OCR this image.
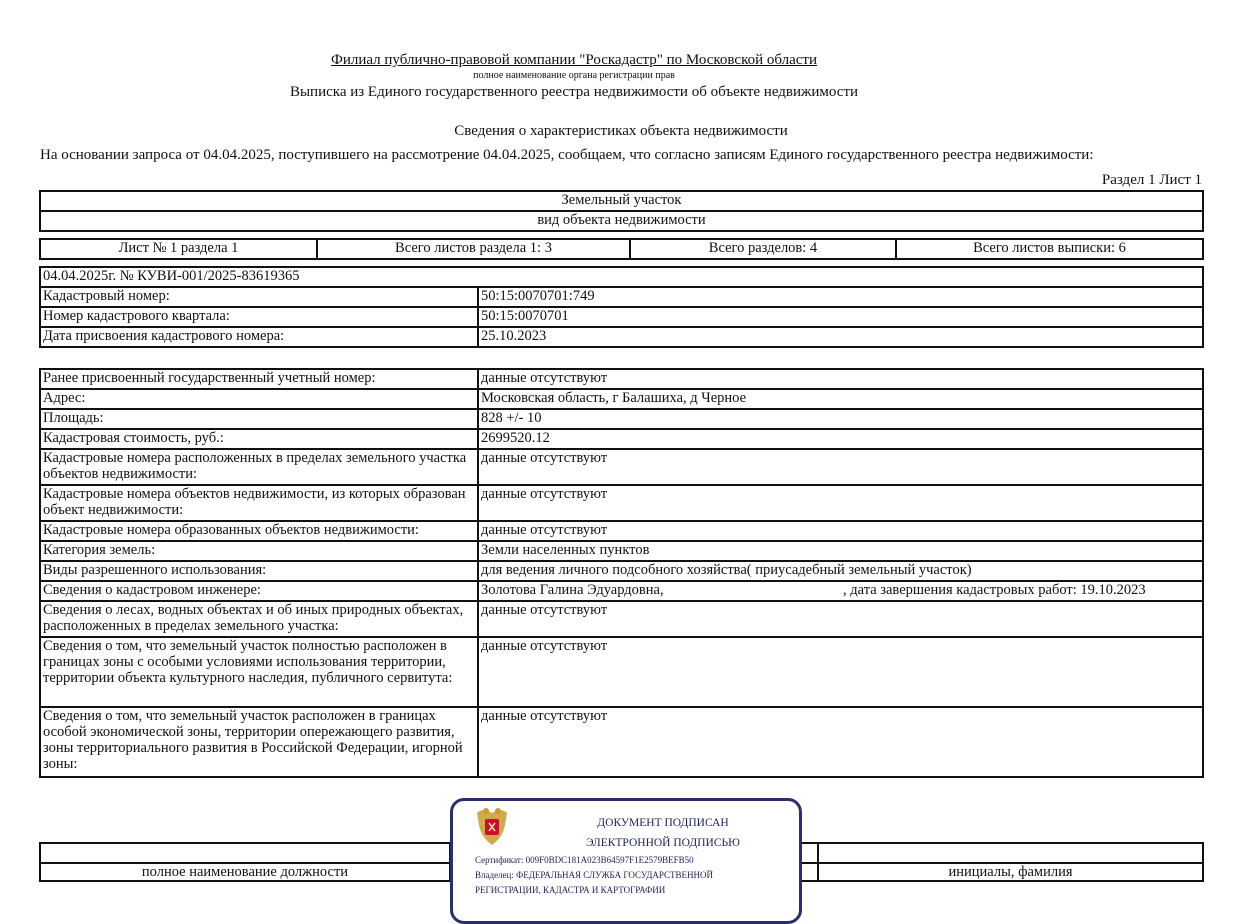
Филиал публично-правовой компании "Роскадастр" по Московской области
полное наименование органа регистрации прав
Выписка из Единого государственного реестра недвижимости об объекте недвижимости
Сведения о характеристиках объекта недвижимости
На основании запроса от 04.04.2025, поступившего на рассмотрение 04.04.2025, сообщаем, что согласно записям Единого государственного реестра недвижимости:
Раздел 1 Лист 1
Земельный участок
вид объекта недвижимости
Лист № 1 раздела 1	Всего листов раздела 1: 3	Всего разделов: 4	Всего листов выписки: 6
04.04.2025г. № КУВИ-001/2025-83619365	
Кадастровый номер:	50:15:0070701:749
Номер кадастрового квартала:	50:15:0070701
Дата присвоения кадастрового номера:	25.10.2023
Ранее присвоенный государственный учетный номер:	данные отсутствуют
Адрес:	Московская область, г Балашиха, д Черное
Площадь:	828 +/- 10
Кадастровая стоимость, руб.:	2699520.12
Кадастровые номера расположенных в пределах земельного участка объектов недвижимости:	данные отсутствуют
Кадастровые номера объектов недвижимости, из которых образован объект недвижимости:	данные отсутствуют
Кадастровые номера образованных объектов недвижимости:	данные отсутствуют
Категория земель:	Земли населенных пунктов
Виды разрешенного использования:	для ведения личного подсобного хозяйства( приусадебный земельный участок)
Сведения о кадастровом инженере:	Золотова Галина Эдуардовна, , дата завершения кадастровых работ: 19.10.2023

Сведения о лесах, водных объектах и об иных природных объектах, расположенных в пределах земельного участка:	данные отсутствуют
Сведения о том, что земельный участок полностью расположен в границах зоны с особыми условиями использования территории, территории объекта культурного наследия, публичного сервитута:	данные отсутствуют
Сведения о том, что земельный участок расположен в границах особой экономической зоны, территории опережающего развития, зоны территориального развития в Российской Федерации, игорной зоны:	данные отсутствуют

полное наименование должности		инициалы, фамилия
ДОКУМЕНТ ПОДПИСАН
ЭЛЕКТРОННОЙ ПОДПИСЬЮ
Сертификат: 009F0BDC181A023B64597F1E2579BEFB50
Владелец: ФЕДЕРАЛЬНАЯ СЛУЖБА ГОСУДАРСТВЕННОЙ
РЕГИСТРАЦИИ, КАДАСТРА И КАРТОГРАФИИ
